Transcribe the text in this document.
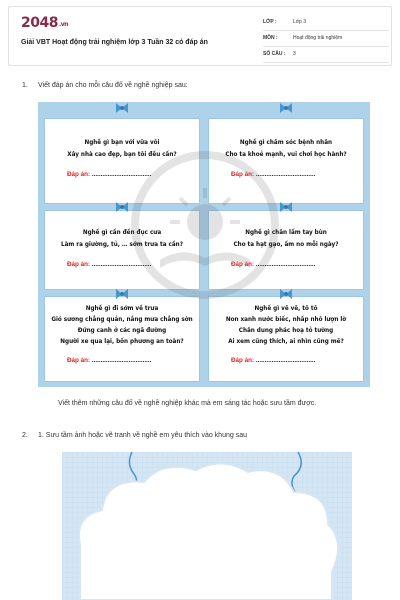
2048.vn
Giải VBT Hoạt động trải nghiệm lớp 3 Tuần 32 có đáp án
LỚP :	Lớp 3
MÔN :	Hoạt động trải nghiệm
SỐ CÂU : 3
1. Viết đáp án cho mỗi câu đố về nghề nghiệp sau:
Nghề gì bạn với vữa vôi
Xây nhà cao đẹp, bạn tôi đều cần?
Đáp án: ..................................
Nghề gì chăm sóc bệnh nhân
Cho ta khoẻ mạnh, vui chơi học hành?
Đáp án: ..................................
Nghề gì cần đến đục cưa
Làm ra giường, tủ, … sớm trưa ta cần?
Đáp án: ..................................
Nghề gì chân lấm tay bùn
Cho ta hạt gạo, ấm no mỗi ngày?
Đáp án: ..................................
Nghề gì đi sớm về trưa
Gió sương chẳng quản, nắng mưa chẳng sờn
Đứng canh ở các ngã đường
Người xe qua lại, bốn phương an toàn?
Đáp án: ..................................
Nghề gì vẽ vẽ, tô tô
Non xanh nước biếc, nhấp nhô lượn lờ
Chân dung phác hoạ tỏ tường
Ai xem cũng thích, ai nhìn cũng mê?
Đáp án: ..................................
Viết thêm những câu đố về nghề nghiệp khác mà em sáng tác hoặc sưu tầm được.
2. 1. Sưu tầm ảnh hoặc vẽ tranh về nghề em yêu thích vào khung sau
